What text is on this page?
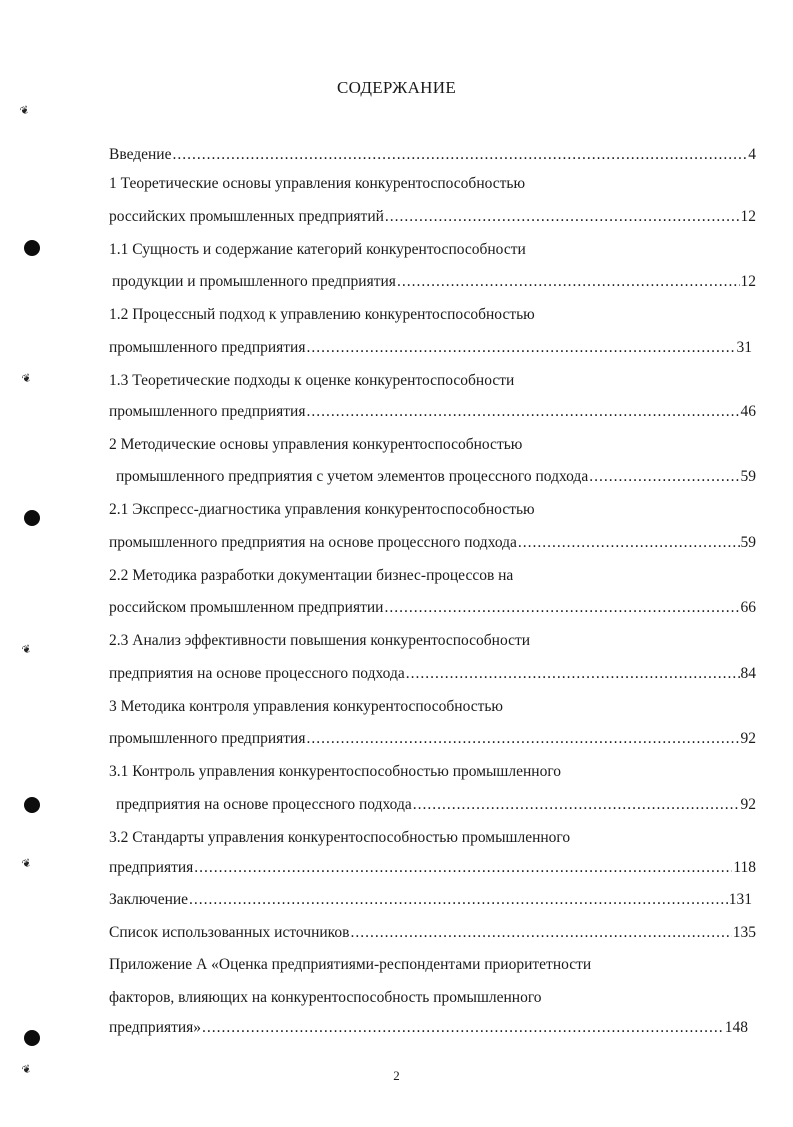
СОДЕРЖАНИЕ
Введение .....	4
1 Теоретические основы управления конкурентоспособностью
российских промышленных предприятий .....	12
1.1 Сущность и содержание категорий конкурентоспособности
продукции и промышленного предприятия .....	12
1.2 Процессный подход к управлению конкурентоспособностью
промышленного предприятия .....	31
1.3 Теоретические подходы к оценке конкурентоспособности
промышленного предприятия .....	46
2 Методические основы управления конкурентоспособностью
промышленного предприятия с учетом элементов процессного подхода .....	59
2.1 Экспресс-диагностика управления конкурентоспособностью
промышленного предприятия на основе процессного подхода .....	59
2.2 Методика разработки документации бизнес-процессов на
российском промышленном предприятии .....	66
2.3 Анализ эффективности повышения конкурентоспособности
предприятия на основе процессного подхода .....	84
3 Методика контроля управления конкурентоспособностью
промышленного предприятия .....	92
3.1 Контроль управления конкурентоспособностью промышленного
предприятия на основе процессного подхода .....	92
3.2 Стандарты управления конкурентоспособностью промышленного
предприятия .....	118
Заключение .....	131
Список использованных источников .....	135
Приложение А «Оценка предприятиями-респондентами приоритетности
факторов, влияющих на конкурентоспособность промышленного
предприятия» .....	148
2
❦
❦
❦
❦
❦
